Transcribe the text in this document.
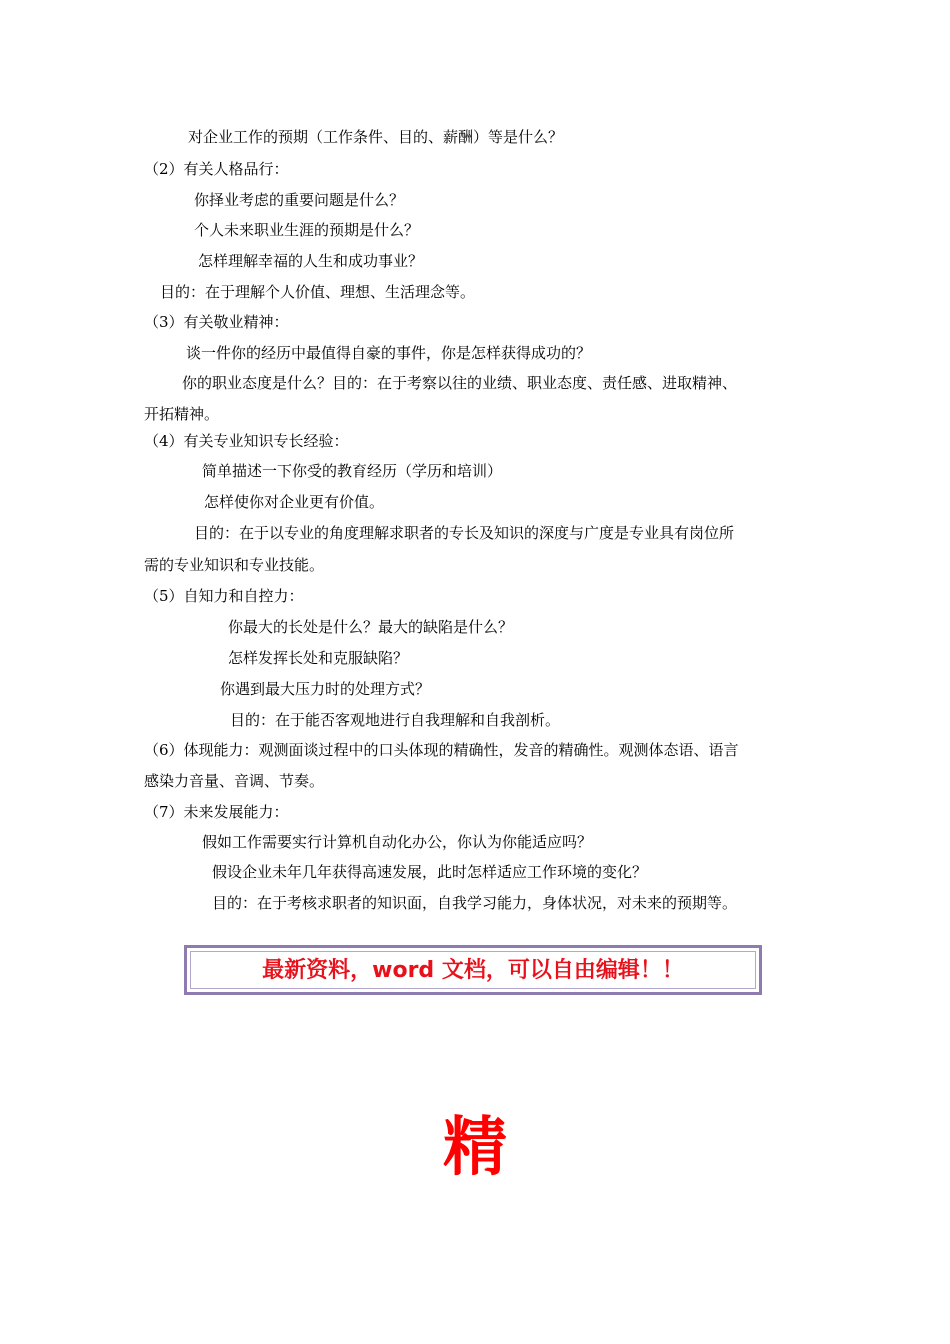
对企业工作的预期（工作条件、目的、薪酬）等是什么？
（2）有关人格品行：
你择业考虑的重要问题是什么？
个人未来职业生涯的预期是什么？
怎样理解幸福的人生和成功事业？
目的：在于理解个人价值、理想、生活理念等。
（3）有关敬业精神：
谈一件你的经历中最值得自豪的事件，你是怎样获得成功的？
你的职业态度是什么？目的：在于考察以往的业绩、职业态度、责任感、进取精神、
开拓精神。
（4）有关专业知识专长经验：
简单描述一下你受的教育经历（学历和培训）
怎样使你对企业更有价值。
目的：在于以专业的角度理解求职者的专长及知识的深度与广度是专业具有岗位所
需的专业知识和专业技能。
（5）自知力和自控力：
你最大的长处是什么？最大的缺陷是什么？
怎样发挥长处和克服缺陷？
你遇到最大压力时的处理方式？
目的：在于能否客观地进行自我理解和自我剖析。
（6）体现能力：观测面谈过程中的口头体现的精确性，发音的精确性。观测体态语、语言
感染力音量、音调、节奏。
（7）未来发展能力：
假如工作需要实行计算机自动化办公，你认为你能适应吗？
假设企业未年几年获得高速发展，此时怎样适应工作环境的变化？
目的：在于考核求职者的知识面，自我学习能力，身体状况，对未来的预期等。
最新资料，word 文档，可以自由编辑！！
精
